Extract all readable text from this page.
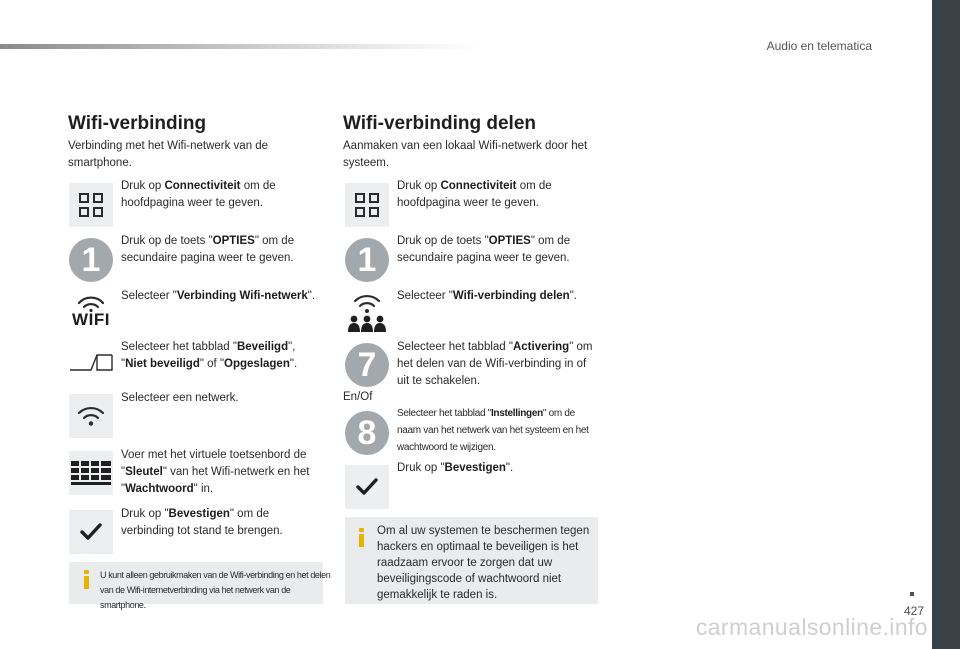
Audio en telematica
427
carmanualsonline.info
Wifi-verbinding
Verbinding met het Wifi-netwerk van de smartphone.
Druk op Connectiviteit om de hoofdpagina weer te geven.
1	Druk op de toets "OPTIES" om de secundaire pagina weer te geven.
WIFI
Selecteer "Verbinding Wifi-netwerk".
Selecteer het tabblad "Beveiligd", "Niet beveiligd" of "Opgeslagen".
Selecteer een netwerk.
Voer met het virtuele toetsenbord de "Sleutel" van het Wifi-netwerk en het "Wachtwoord" in.
Druk op "Bevestigen" om de verbinding tot stand te brengen.
U kunt alleen gebruikmaken van de Wifi-verbinding en het delen van de Wifi-internetverbinding via het netwerk van de smartphone.
Wifi-verbinding delen
Aanmaken van een lokaal Wifi-netwerk door het systeem.
Druk op Connectiviteit om de hoofdpagina weer te geven.
1	Druk op de toets "OPTIES" om de secundaire pagina weer te geven.
Selecteer "Wifi-verbinding delen".
7	Selecteer het tabblad "Activering" om het delen van de Wifi-verbinding in of uit te schakelen.
En/Of
8
Selecteer het tabblad "Instellingen" om de naam van het netwerk van het systeem en het wachtwoord te wijzigen.
Druk op "Bevestigen".
Om al uw systemen te beschermen tegen hackers en optimaal te beveiligen is het raadzaam ervoor te zorgen dat uw beveiligingscode of wachtwoord niet gemakkelijk te raden is.
